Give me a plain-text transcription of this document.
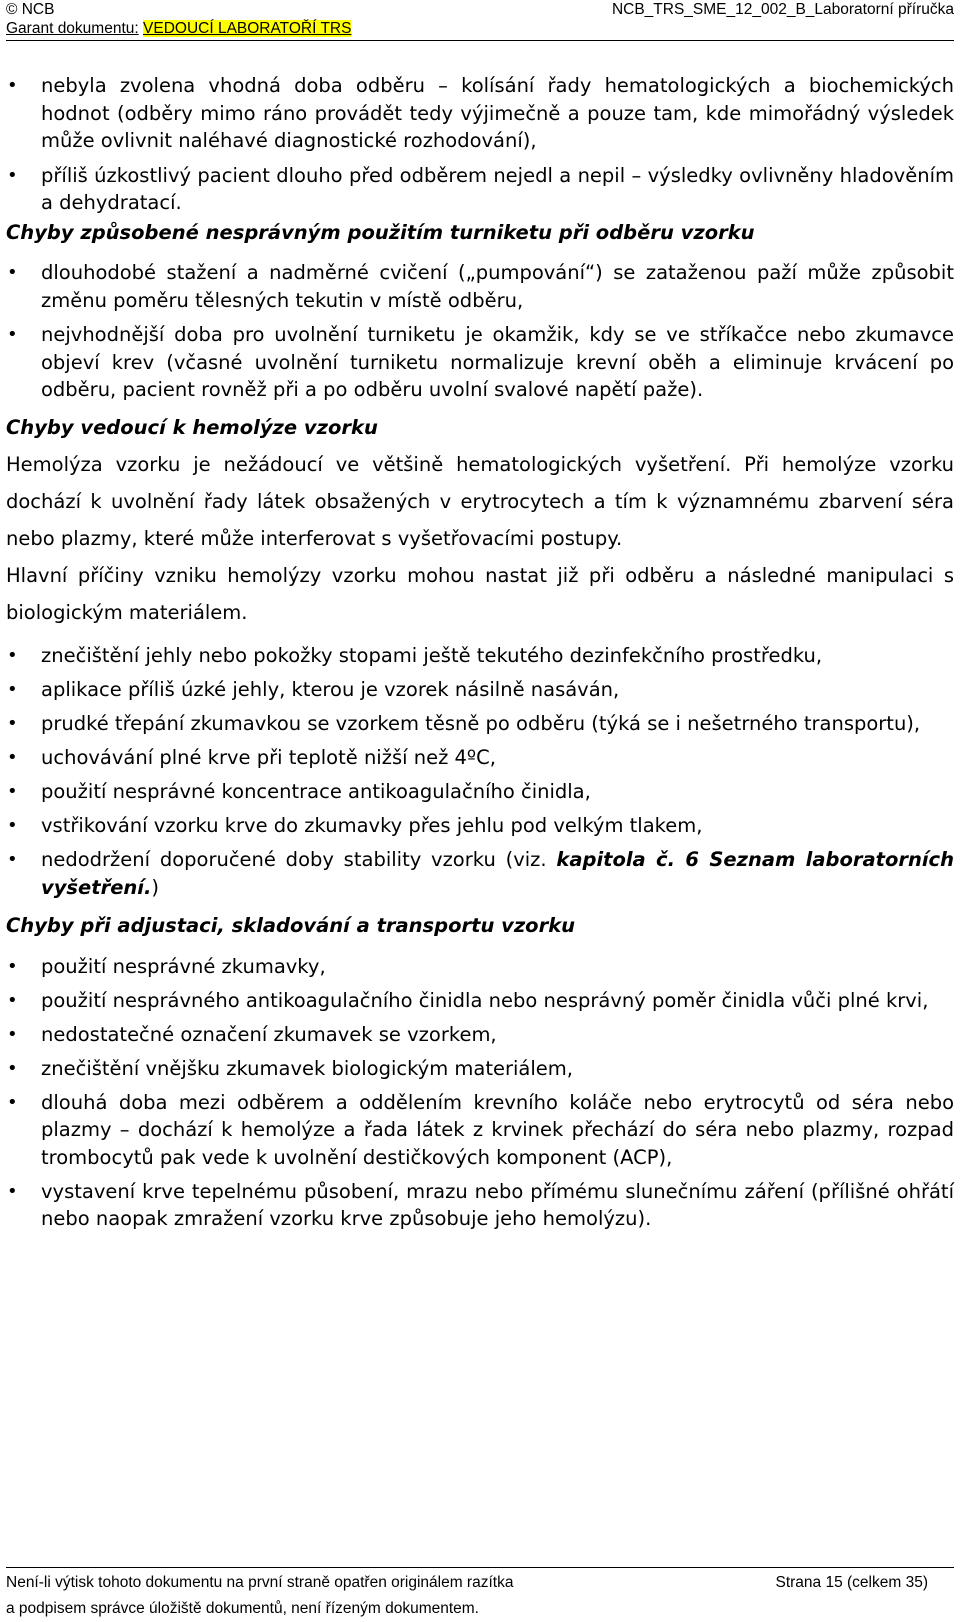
© NCB
Garant dokumentu: VEDOUCÍ LABORATOŘÍ TRS
NCB_TRS_SME_12_002_B_Laboratorní příručka
• nebyla zvolena vhodná doba odběru – kolísání řady hematologických a biochemických hodnot (odběry mimo ráno provádět tedy výjimečně a pouze tam, kde mimořádný výsledek může ovlivnit naléhavé diagnostické rozhodování),
• příliš úzkostlivý pacient dlouho před odběrem nejedl a nepil – výsledky ovlivněny hladověním a dehydratací.
Chyby způsobené nesprávným použitím turniketu při odběru vzorku
• dlouhodobé stažení a nadměrné cvičení („pumpování“) se zataženou paží může způsobit změnu poměru tělesných tekutin v místě odběru,
• nejvhodnější doba pro uvolnění turniketu je okamžik, kdy se ve stříkačce nebo zkumavce objeví krev (včasné uvolnění turniketu normalizuje krevní oběh a eliminuje krvácení po odběru, pacient rovněž při a po odběru uvolní svalové napětí paže).
Chyby vedoucí k hemolýze vzorku

Hemolýza vzorku je nežádoucí ve většině hematologických vyšetření. Při hemolýze vzorku dochází k uvolnění řady látek obsažených v erytrocytech a tím k významnému zbarvení séra nebo plazmy, které může interferovat s vyšetřovacími postupy.

Hlavní příčiny vzniku hemolýzy vzorku mohou nastat již při odběru a následné manipulaci s biologickým materiálem.

• znečištění jehly nebo pokožky stopami ještě tekutého dezinfekčního prostředku,
• aplikace příliš úzké jehly, kterou je vzorek násilně nasáván,
• prudké třepání zkumavkou se vzorkem těsně po odběru (týká se i nešetrného transportu),
• uchovávání plné krve při teplotě nižší než 4ºC,
• použití nesprávné koncentrace antikoagulačního činidla,
• vstřikování vzorku krve do zkumavky přes jehlu pod velkým tlakem,
• nedodržení doporučené doby stability vzorku (viz. kapitola č. 6 Seznam laboratorních vyšetření.)
Chyby při adjustaci, skladování a transportu vzorku
• použití nesprávné zkumavky,
• použití nesprávného antikoagulačního činidla nebo nesprávný poměr činidla vůči plné krvi,
• nedostatečné označení zkumavek se vzorkem,
• znečištění vnějšku zkumavek biologickým materiálem,
• dlouhá doba mezi odběrem a oddělením krevního koláče nebo erytrocytů od séra nebo plazmy – dochází k hemolýze a řada látek z krvinek přechází do séra nebo plazmy, rozpad trombocytů pak vede k uvolnění destičkových komponent (ACP),
• vystavení krve tepelnému působení, mrazu nebo přímému slunečnímu záření (přílišné ohřátí nebo naopak zmražení vzorku krve způsobuje jeho hemolýzu).
Není-li výtisk tohoto dokumentu na první straně opatřen originálem razítka
a podpisem správce úložiště dokumentů, není řízeným dokumentem.
Strana 15 (celkem 35)
